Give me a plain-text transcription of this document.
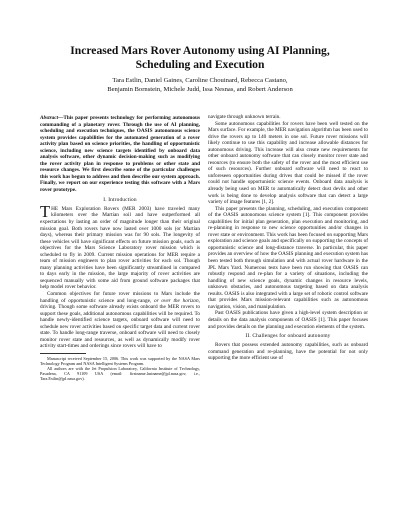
Increased Mars Rover Autonomy using AI Planning,
Scheduling and Execution
Tara Estlin, Daniel Gaines, Caroline Chouinard, Rebecca Castano,
Benjamin Bornstein, Michele Judd, Issa Nesnas, and Robert Anderson

Abstract—This paper presents technology for performing autonomous commanding of a planetary rover. Through the use of AI planning, scheduling and execution techniques, the OASIS autonomous science system provides capabilities for the automated generation of a rover activity plan based on science priorities, the handling of opportunistic science, including new science targets identified by onboard data analysis software, other dynamic decision-making such as modifying the rover activity plan in response to problems or other state and resource changes. We first describe some of the particular challenges this work has begun to address and then describe our system approach. Finally, we report on our experience testing this software with a Mars rover prototype.

I. Introduction

THE Mars Exploration Rovers (MER 2003) have traveled many kilometers over the Martian soil and have outperformed all expectations by lasting an order of magnitude longer than their original mission goal. Both rovers have now lasted over 1000 sols (or Martian days), whereas their primary mission was for 90 sols. The longevity of these vehicles will have significant effects on future mission goals, such as objectives for the Mars Science Laboratory rover mission which is scheduled to fly in 2009. Current mission operations for MER require a team of mission engineers to plan rover activities for each sol. Though many planning activities have been significantly streamlined in compared to days early in the mission, the large majority of rover activities are sequenced manually with some aid from ground software packages that help model rover behavior.

Common objectives for future rover missions to Mars include the handling of opportunistic science and long-range, or over the horizon, driving. Though some software already exists onboard the MER rovers to support these goals, additional autonomous capabilities will be required. To handle newly-identified science targets, onboard software will need to schedule new rover activities based on specific target data and current rover state. To handle long-range traverse, onboard software will need to closely monitor rover state and resources, as well as dynamically modify rover activity start-times and orderings since rovers will have to

Manuscript received September 15, 2006. This work was supported by the NASA Mars Technology Program and NASA Intelligent Systems Program.

All authors are with the Jet Propulsion Laboratory, California Institute of Technology, Pasadena, CA 91109 USA (email: firstname.lastname@jpl.nasa.gov, i.e., Tara.Estlin@jpl.nasa.gov).

navigate through unknown terrain.

Some autonomous capabilities for rovers have been well tested on the Mars surface. For example, the MER navigation algorithm has been used to drive the rovers up to 140 meters in one sol. Future rover missions will likely continue to use this capability and increase allowable distances for autonomous driving. This increase will also create new requirements for other onboard autonomy software that can closely monitor rover state and resources (to ensure both the safety of the rover and the most efficient use of such resources). Further onboard software will need to react to unforeseen opportunities during drives that could be missed if the rover could not handle opportunistic science events. Onboard data analysis is already being used on MER to automatically detect dust devils and other work is being done to develop analysis software that can detect a large variety of image features [1, 2].

This paper presents the planning, scheduling, and execution component of the OASIS autonomous science system [1]. This component provides capabilities for initial plan generation, plan execution and monitoring, and re-planning in response to new science opportunities and/or changes in rover state or environment. This work has been focused on supporting Mars exploration and science goals and specifically on supporting the concepts of opportunistic science and long-distance traverse. In particular, this paper provides an overview of how the OASIS planning and execution system has been tested both through simulation and with actual rover hardware in the JPL Mars Yard. Numerous tests have been run showing that OASIS can robustly respond and re-plan for a variety of situations, including the handling of new science goals, dynamic changes in resource levels, unknown obstacles, and autonomous targeting based on data analysis results. OASIS is also integrated with a large set of robotic control software that provides Mars mission-relevant capabilities such as autonomous navigation, vision, and manipulation.

Past OASIS publications have given a high-level system description or details on the data analysis components of OASIS [1]. This paper focuses and provides details on the planning and execution elements of the system.

II. Challenges for onboard autonomy

Rovers that possess extended autonomy capabilities, such as onboard command generation and re-planning, have the potential for not only supporting the more efficient use of
